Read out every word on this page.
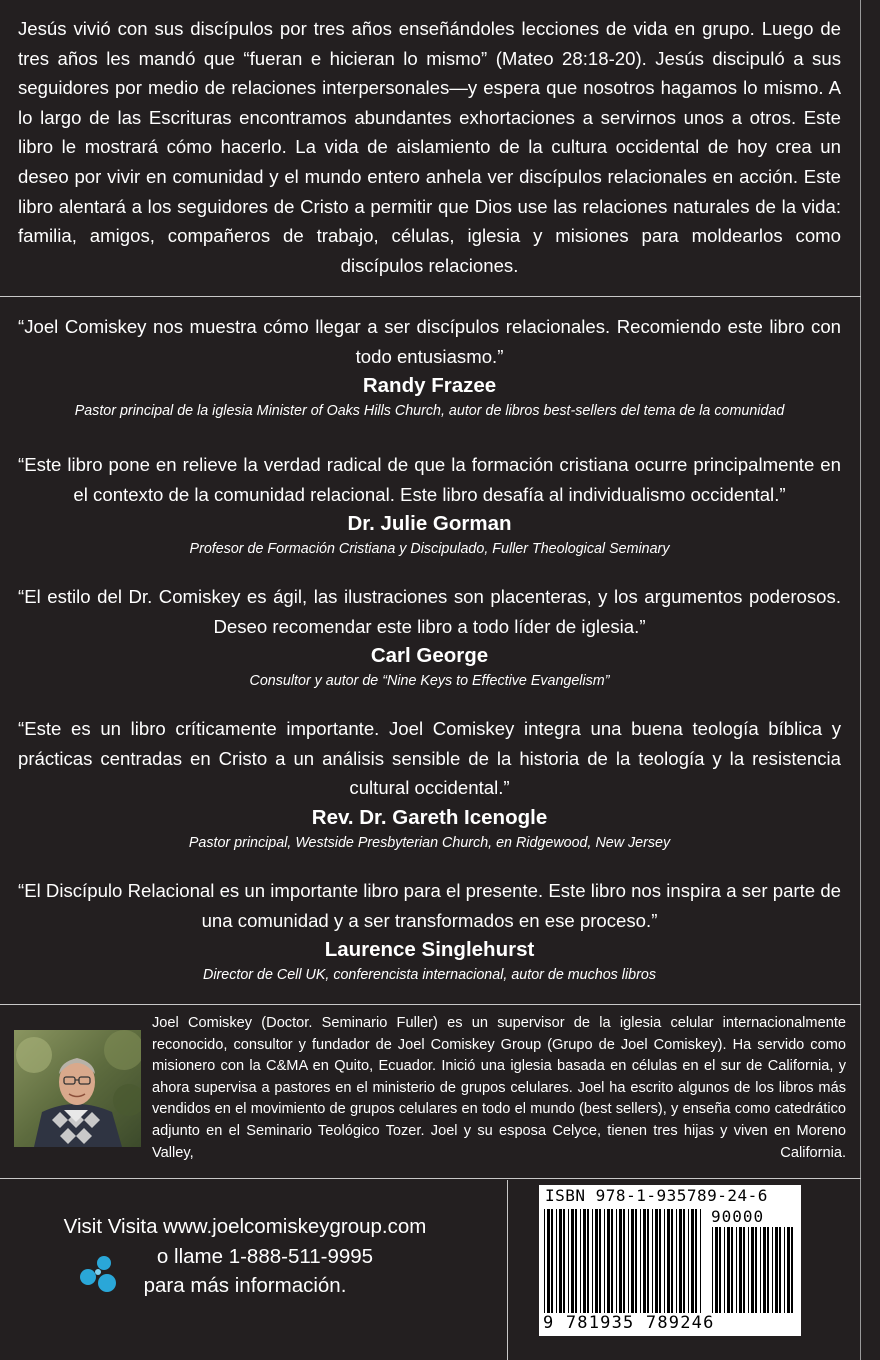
Jesús vivió con sus discípulos por tres años enseñándoles lecciones de vida en grupo. Luego de tres años les mandó que “fueran e hicieran lo mismo” (Mateo 28:18-20). Jesús discipuló a sus seguidores por medio de relaciones interpersonales—y espera que nosotros hagamos lo mismo. A lo largo de las Escrituras encontramos abundantes exhortaciones a servirnos unos a otros. Este libro le mostrará cómo hacerlo. La vida de aislamiento de la cultura occidental de hoy crea un deseo por vivir en comunidad y el mundo entero anhela ver discípulos relacionales en acción. Este libro alentará a los seguidores de Cristo a permitir que Dios use las relaciones naturales de la vida: familia, amigos, compañeros de trabajo, células, iglesia y misiones para moldearlos como discípulos relaciones.

“Joel Comiskey nos muestra cómo llegar a ser discípulos relacionales. Recomiendo este libro con todo entusiasmo.”

Randy Frazee

Pastor principal de la iglesia Minister of Oaks Hills Church, autor de libros best-sellers del tema de la comunidad

“Este libro pone en relieve la verdad radical de que la formación cristiana ocurre principalmente en el contexto de la comunidad relacional. Este libro desafía al individualismo occidental.”

Dr. Julie Gorman

Profesor de Formación Cristiana y Discipulado, Fuller Theological Seminary

“El estilo del Dr. Comiskey es ágil, las ilustraciones son placenteras, y los argumentos poderosos. Deseo recomendar este libro a todo líder de iglesia.”

Carl George

Consultor y autor de “Nine Keys to Effective Evangelism”

“Este es un libro críticamente importante. Joel Comiskey integra una buena teología bíblica y prácticas centradas en Cristo a un análisis sensible de la historia de la teología y la resistencia cultural occidental.”

Rev. Dr. Gareth Icenogle

Pastor principal, Westside Presbyterian Church, en Ridgewood, New Jersey

“El Discípulo Relacional es un importante libro para el presente. Este libro nos inspira a ser parte de una comunidad y a ser transformados en ese proceso.”

Laurence Singlehurst

Director de Cell UK, conferencista internacional, autor de muchos libros

Joel Comiskey (Doctor. Seminario Fuller) es un supervisor de la iglesia celular internacionalmente reconocido, consultor y fundador de Joel Comiskey Group (Grupo de Joel Comiskey). Ha servido como misionero con la C&MA en Quito, Ecuador. Inició una iglesia basada en células en el sur de California, y ahora supervisa a pastores en el ministerio de grupos celulares. Joel ha escrito algunos de los libros más vendidos en el movimiento de grupos celulares en todo el mundo (best sellers), y enseña como catedrático adjunto en el Seminario Teológico Tozer. Joel y su esposa Celyce, tienen tres hijas y viven en Moreno Valley, California.

Visit Visita www.joelcomiskeygroup.com
o llame 1-888-511-9995
para más información.
ISBN 978-1-935789-24-6
90000
9 781935 789246
